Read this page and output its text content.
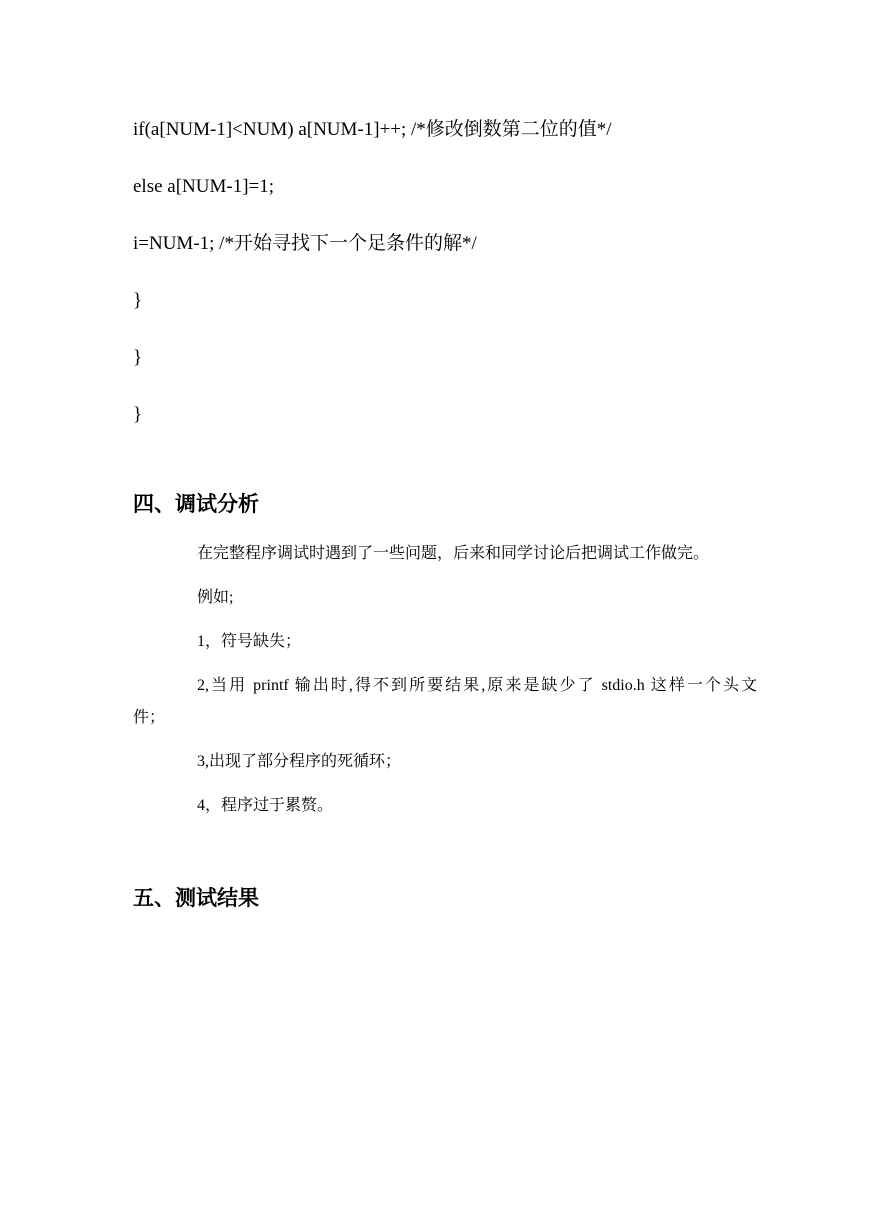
if(a[NUM-1]<NUM) a[NUM-1]++; /*修改倒数第二位的值*/
else a[NUM-1]=1;
i=NUM-1; /*开始寻找下一个足条件的解*/
}
}
}
四、调试分析
在完整程序调试时遇到了一些问题，后来和同学讨论后把调试工作做完。
例如;
1，符号缺失；
2,当用 printf 输出时,得不到所要结果,原来是缺少了 stdio.h 这样一个头文
件；
3,出现了部分程序的死循环；
4，程序过于累赘。
五、测试结果
